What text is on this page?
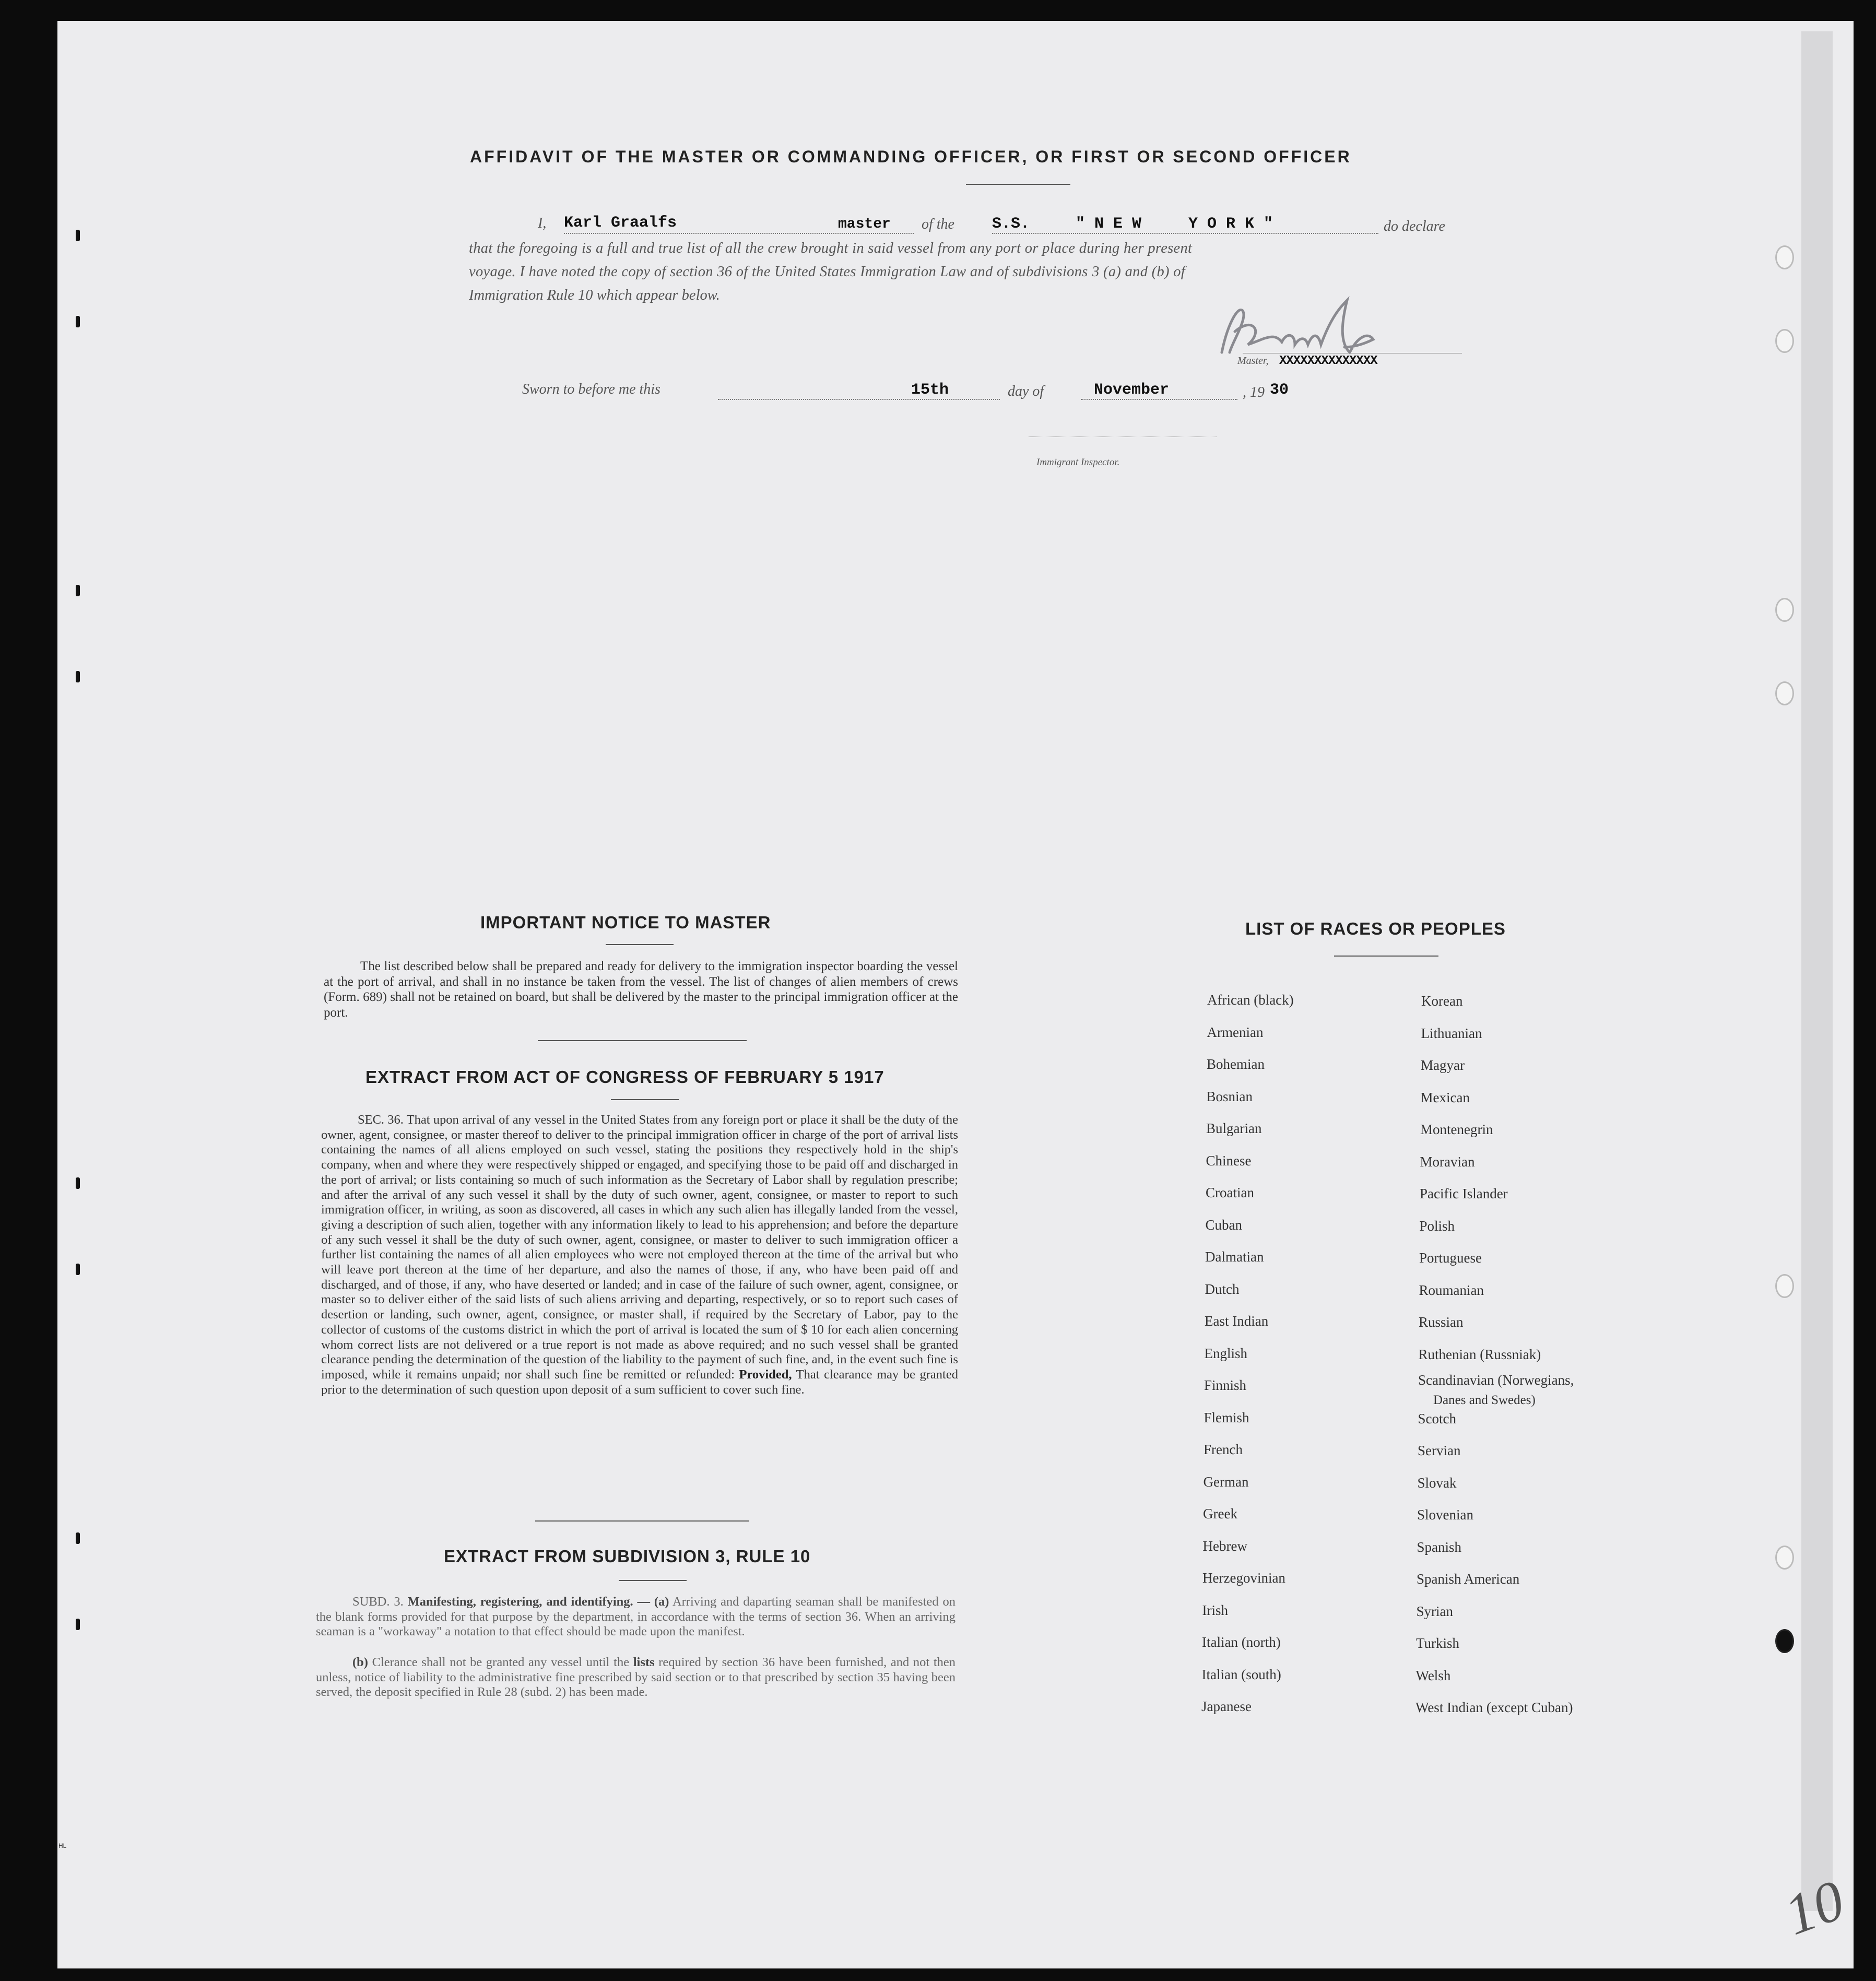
AFFIDAVIT OF THE MASTER OR COMMANDING OFFICER, OR FIRST OR SECOND OFFICER
I, Karl Graalfs	master of the S.S.	" N E W     Y O R K "	do declare
that the foregoing is a full and true list of all the crew brought in said vessel from any port or place during her present
voyage. I have noted the copy of section 36 of the United States Immigration Law and of subdivisions 3 (a) and (b) of
Immigration Rule 10 which appear below.
Master, XXXXXXXXXXXXXX
Sworn to before me this	15th	day of	November	, 19 30
Immigrant Inspector.
IMPORTANT NOTICE TO MASTER
The list described below shall be prepared and ready for delivery to the immigration inspector boarding the vessel at the port of arrival, and shall in no instance be taken from the vessel. The list of changes of alien members of crews (Form. 689) shall not be retained on board, but shall be delivered by the master to the principal immigration officer at the port.
EXTRACT FROM ACT OF CONGRESS OF FEBRUARY 5 1917
SEC. 36. That upon arrival of any vessel in the United States from any foreign port or place it shall be the duty of the owner, agent, consignee, or master thereof to deliver to the principal immigration officer in charge of the port of arrival lists containing the names of all aliens employed on such vessel, stating the positions they respectively hold in the ship's company, when and where they were respectively shipped or engaged, and specifying those to be paid off and discharged in the port of arrival; or lists containing so much of such information as the Secretary of Labor shall by regulation prescribe; and after the arrival of any such vessel it shall by the duty of such owner, agent, consignee, or master to report to such immigration officer, in writing, as soon as discovered, all cases in which any such alien has illegally landed from the vessel, giving a description of such alien, together with any information likely to lead to his apprehension; and before the departure of any such vessel it shall be the duty of such owner, agent, consignee, or master to deliver to such immigration officer a further list containing the names of all alien employees who were not employed thereon at the time of the arrival but who will leave port thereon at the time of her departure, and also the names of those, if any, who have been paid off and discharged, and of those, if any, who have deserted or landed; and in case of the failure of such owner, agent, consignee, or master so to deliver either of the said lists of such aliens arriving and departing, respectively, or so to report such cases of desertion or landing, such owner, agent, consignee, or master shall, if required by the Secretary of Labor, pay to the collector of customs of the customs district in which the port of arrival is located the sum of $ 10 for each alien concerning whom correct lists are not delivered or a true report is not made as above required; and no such vessel shall be granted clearance pending the determination of the question of the liability to the payment of such fine, and, in the event such fine is imposed, while it remains unpaid; nor shall such fine be remitted or refunded: Provided, That clearance may be granted prior to the determination of such question upon deposit of a sum sufficient to cover such fine.
EXTRACT FROM SUBDIVISION 3, RULE 10
SUBD. 3. Manifesting, registering, and identifying. — (a) Arriving and daparting seaman shall be manifested on the blank forms provided for that purpose by the department, in accordance with the terms of section 36. When an arriving seaman is a "workaway" a notation to that effect should be made upon the manifest.
(b) Clerance shall not be granted any vessel until the lists required by section 36 have been furnished, and not then unless, notice of liability to the administrative fine prescribed by said section or to that prescribed by section 35 having been served, the deposit specified in Rule 28 (subd. 2) has been made.
LIST OF RACES OR PEOPLES
African (black)
Armenian
Bohemian
Bosnian
Bulgarian
Chinese
Croatian
Cuban
Dalmatian
Dutch
East Indian
English
Finnish
Flemish
French
German
Greek
Hebrew
Herzegovinian
Irish
Italian (north)
Italian (south)
Japanese
Korean
Lithuanian
Magyar
Mexican
Montenegrin
Moravian
Pacific Islander
Polish
Portuguese
Roumanian
Russian
Ruthenian (Russniak)
Scandinavian (Norwegians,
Scotch
Servian
Slovak
Slovenian
Spanish
Spanish American
Syrian
Turkish
Welsh
West Indian (except Cuban)
Danes and Swedes)
10
HL
